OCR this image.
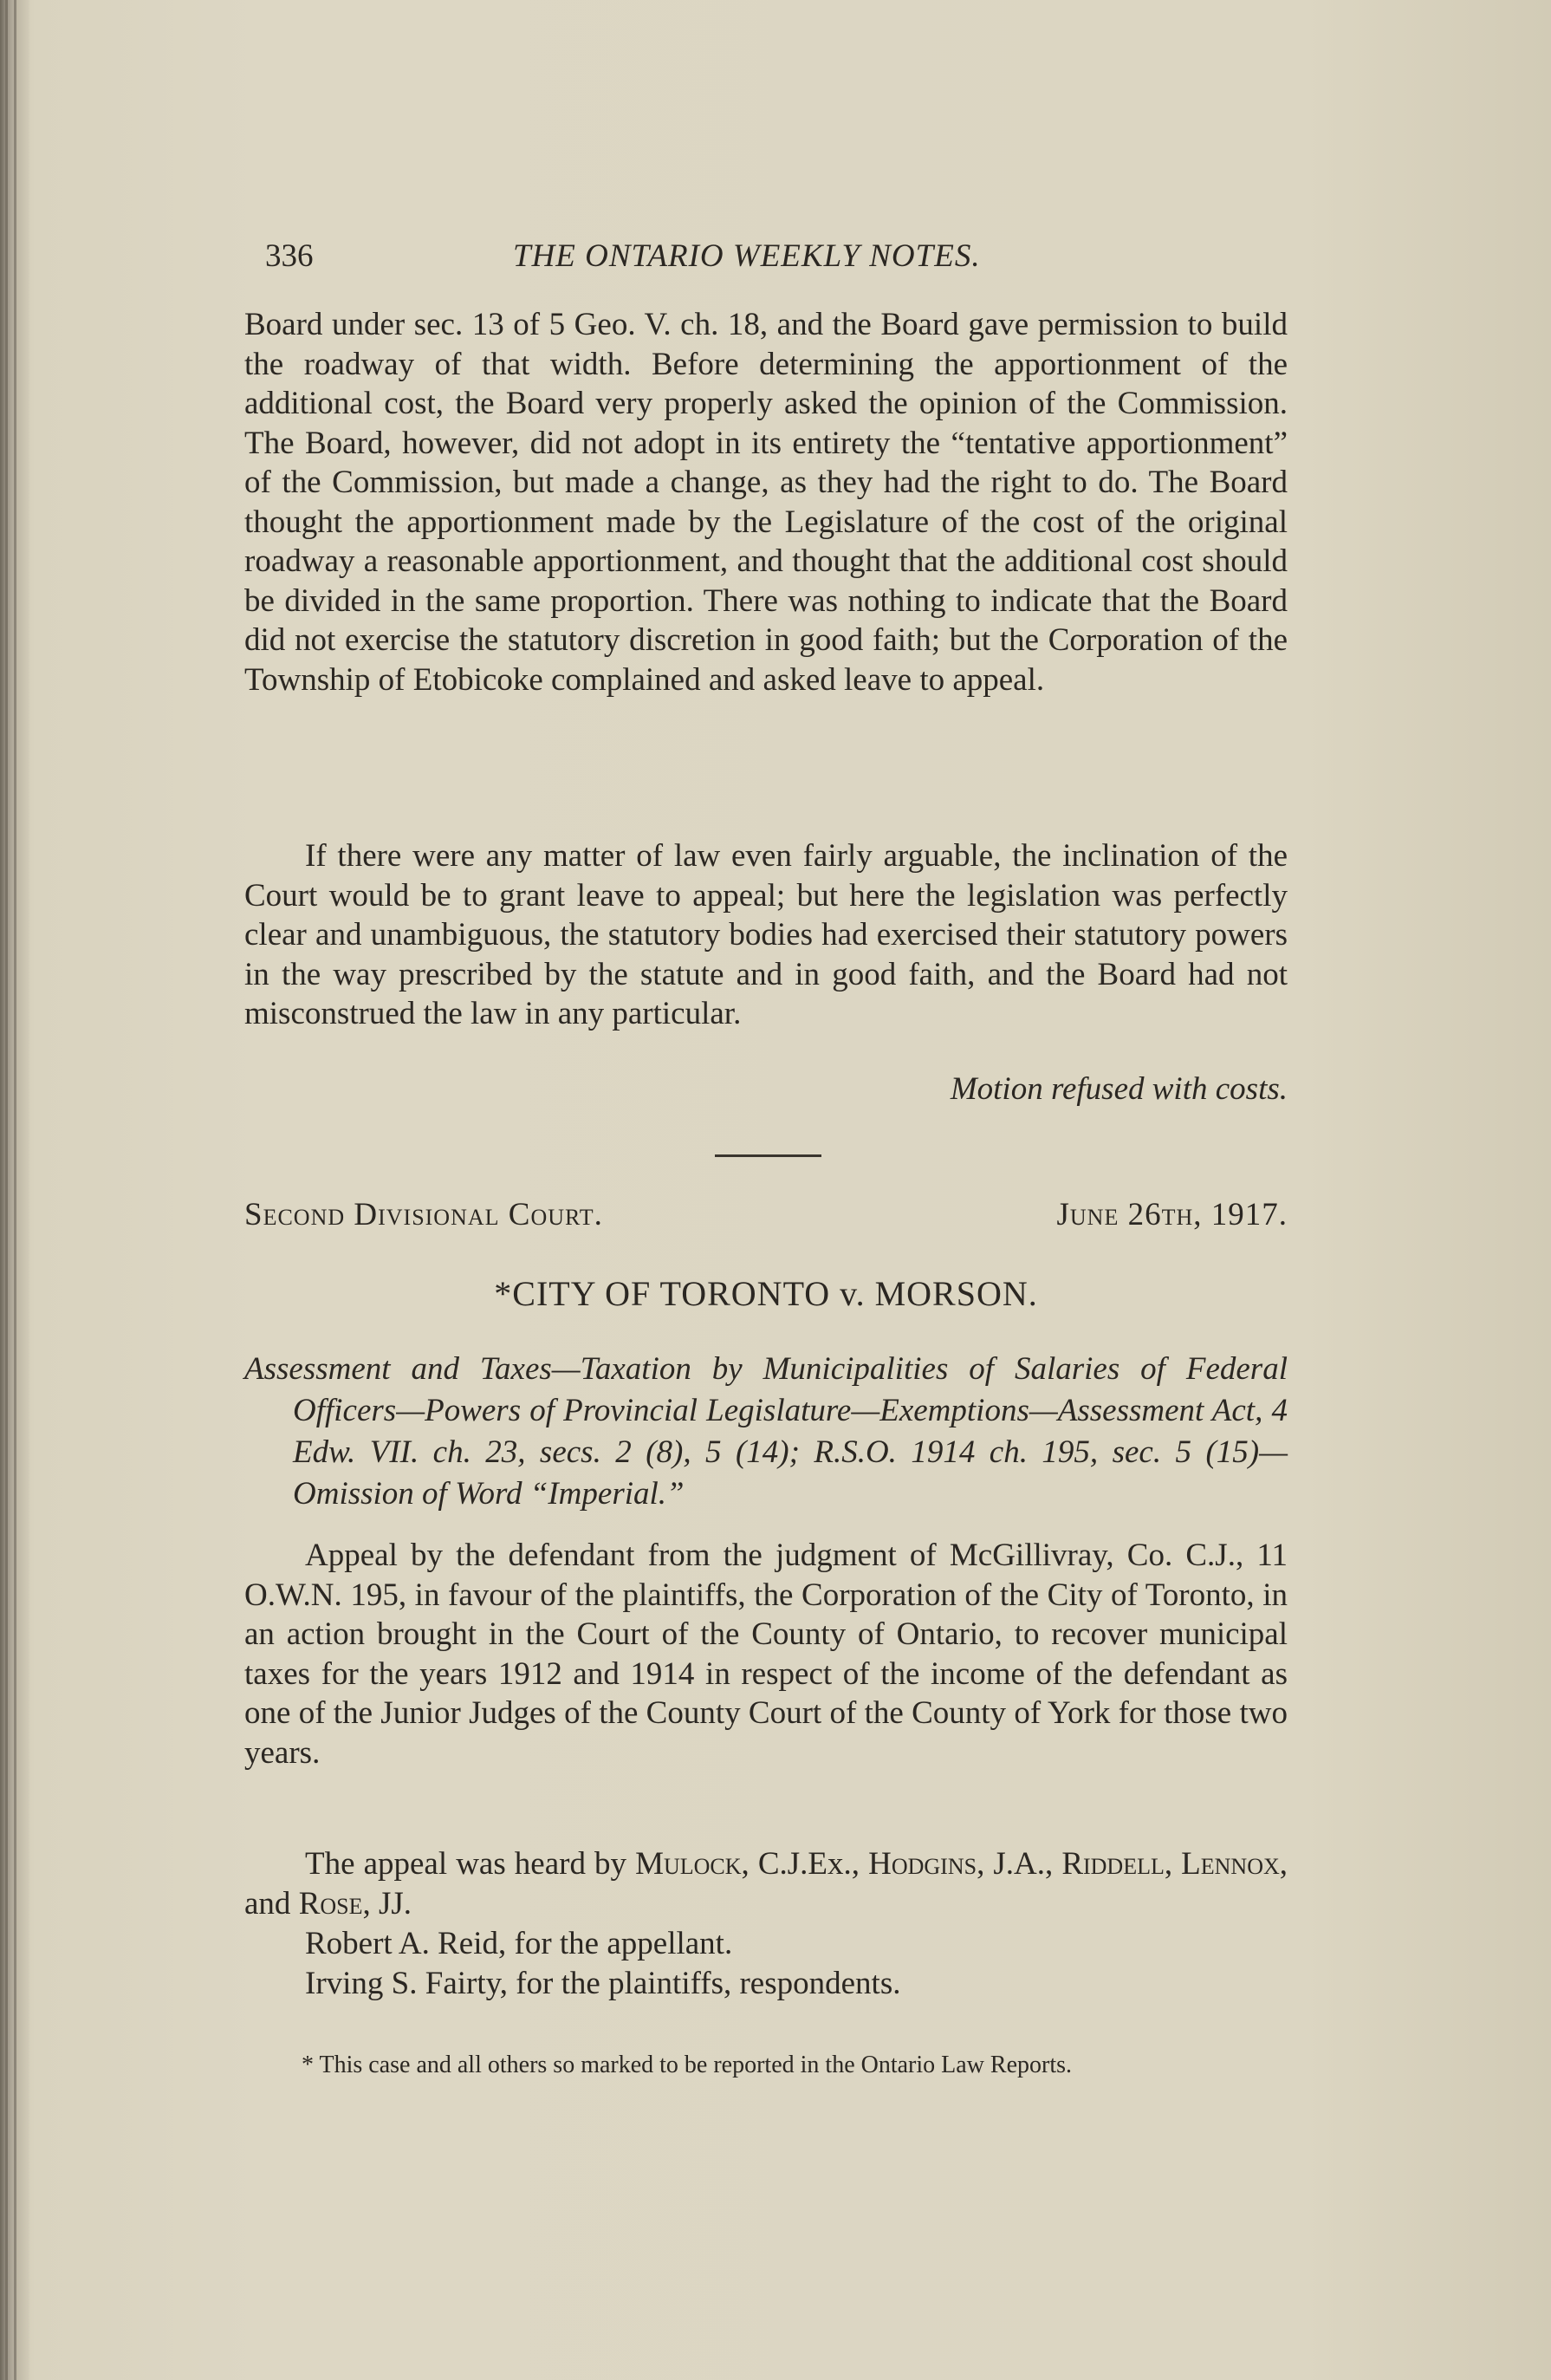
336	THE ONTARIO WEEKLY NOTES.

Board under sec. 13 of 5 Geo. V. ch. 18, and the Board gave permission to build the roadway of that width. Before determining the apportionment of the additional cost, the Board very properly asked the opinion of the Commission. The Board, however, did not adopt in its entirety the “tentative apportionment” of the Commission, but made a change, as they had the right to do. The Board thought the apportionment made by the Legislature of the cost of the original roadway a reasonable apportionment, and thought that the additional cost should be divided in the same proportion. There was nothing to indicate that the Board did not exercise the statutory discretion in good faith; but the Corporation of the Township of Etobicoke complained and asked leave to appeal.

If there were any matter of law even fairly arguable, the inclination of the Court would be to grant leave to appeal; but here the legislation was perfectly clear and unambiguous, the statutory bodies had exercised their statutory powers in the way prescribed by the statute and in good faith, and the Board had not misconstrued the law in any particular.

Motion refused with costs.
Second Divisional Court.	June 26th, 1917.
*CITY OF TORONTO v. MORSON.
Assessment and Taxes—Taxation by Municipalities of Salaries of Federal Officers—Powers of Provincial Legislature—Exemptions—Assessment Act, 4 Edw. VII. ch. 23, secs. 2 (8), 5 (14); R.S.O. 1914 ch. 195, sec. 5 (15)—Omission of Word “Imperial.”

Appeal by the defendant from the judgment of McGillivray, Co. C.J., 11 O.W.N. 195, in favour of the plaintiffs, the Corporation of the City of Toronto, in an action brought in the Court of the County of Ontario, to recover municipal taxes for the years 1912 and 1914 in respect of the income of the defendant as one of the Junior Judges of the County Court of the County of York for those two years.

The appeal was heard by Mulock, C.J.Ex., Hodgins, J.A., Riddell, Lennox, and Rose, JJ.

Robert A. Reid, for the appellant.
Irving S. Fairty, for the plaintiffs, respondents.
* This case and all others so marked to be reported in the Ontario Law Reports.
